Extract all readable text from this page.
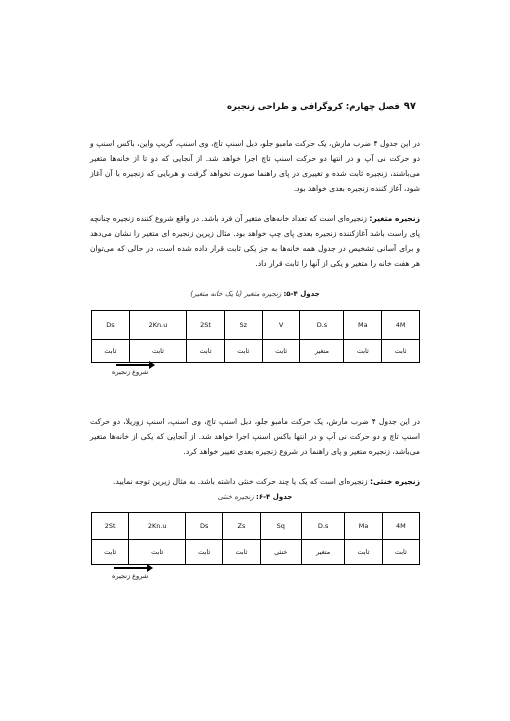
۹۷
فصل چهارم: کروگرافی و طراحی زنجیره

در این جدول ۴ ضرب مارش، یک حرکت مامبو جلو، دبل اسنپ تاچ، وی اسنپ، گریپ واین، باکس اسنپ و دو حرکت نی آپ و در انتها دو حرکت اسنپ تاچ اجرا خواهد شد. از آنجایی که دو تا از خانه‌ها متغیر می‌باشند، زنجیره ثابت شده و تغییری در پای راهنما صورت نخواهد گرفت و هربایی که زنجیره با آن آغاز شود، آغاز کننده زنجیره بعدی خواهد بود.

زنجیره متغیر: زنجیره‌ای است که تعداد خانه‌های متغیر آن فرد باشد. در واقع شروع کننده زنجیره چنانچه پای راست باشد آغازکننده زنجیره بعدی پای چپ خواهد بود. مثال زیرین زنجیره ای متغیر را نشان می‌دهد و برای آسانی تشخیص در جدول همه خانه‌ها به جز یکی ثابت قرار داده شده است، در حالی که می‌توان هر هفت خانه را متغیر و یکی از آنها را ثابت قرار داد.

جدول ۴-۵: زنجیره متغیر (با یک خانه متغیر)
4M	Ma	D.s	V	Sz	2St	2Kn.u	Ds
ثابت	ثابت	متغیر	ثابت	ثابت	ثابت	ثابت	ثابت
شروع زنجیره

در این جدول ۴ ضرب مارش، یک حرکت مامبو جلو، دبل اسنپ تاچ، وی اسنپ، اسنپ زوریلا، دو حرکت اسنپ تاچ و دو حرکت نی آپ و در انتها باکس اسنپ اجرا خواهد شد. از آنجایی که یکی از خانه‌ها متغیر می‌باشد، زنجیره متغیر و پای راهنما در شروع زنجیره بعدی تغییر خواهد کرد.

زنجیره خنثی: زنجیره‌ای است که یک یا چند حرکت خنثی داشته باشد. به مثال زیرین توجه نمایید.

جدول ۴-۶: زنجیره خنثی
4M	Ma	D.s	Sq	Zs	Ds	2Kn.u	2St
ثابت	ثابت	متغیر	خنثی	ثابت	ثابت	ثابت	ثابت
شروع زنجیره
